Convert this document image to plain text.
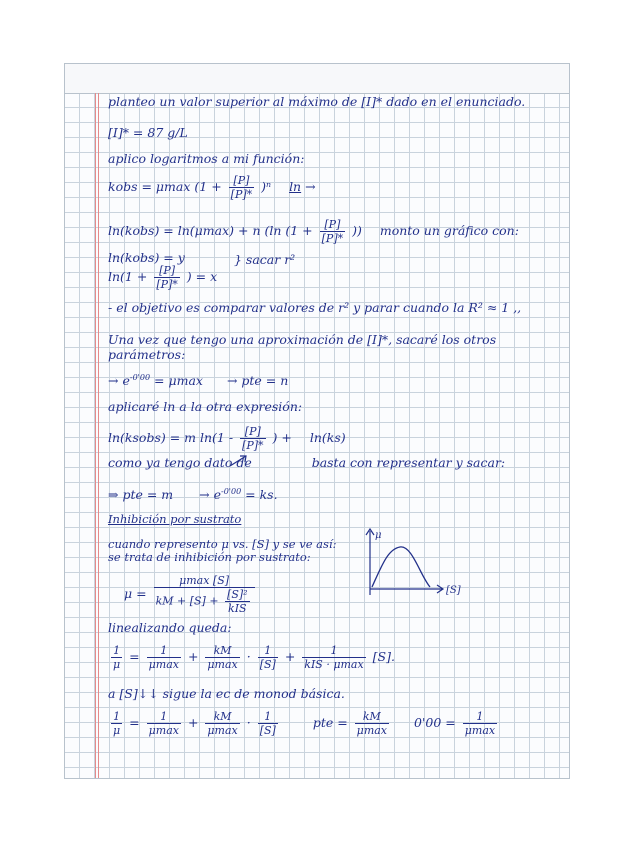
planteo un valor superior al máximo de [I]* dado en el enunciado.
[I]* = 87 g/L
aplico logaritmos a mi función:
kobs = μmax $(1 + \frac{[P]}{[P]*} )^n$ ln →
ln(kobs) = ln(μmax) + n (ln ($1 + \frac{[P]}{[P]*}$ )) monto un gráfico con:
ln(kobs) = y
$\ln(1 + \frac{[P]}{[P]*}$ ) = x
} sacar r²
- el objetivo es comparar valores de r² y parar cuando la R² ≈ 1 ,,
Una vez que tengo una aproximación de [I]*, sacaré los otros
parámetros:
→ $e^{-0'00} = \mu\max$ → pte = n
aplicaré ln a la otra expresión:
ln(ksobs) = m $\ln(1 - \frac{[P]}{[P]*}$ ) + ln(ks)
como ya tengo dato de	basta con representar y sacar:
⇒ pte = $m \to e^{-0'00}$ = ks.
Inhibición por sustrato
cuando represento μ vs. [S] y se ve así:
se trata de inhibición por sustrato:
μ
[S]
$\mu = \frac{\mu\max [S]}{kM + [S] + \frac{\text{[S]²}}{\text{kIS}}}$
linealizando queda:
$\frac{1}{\mu} = \frac{1}{\mu\max} + \frac{kM}{\mu\max} \cdot \frac{1}{[S]} + \frac{1}{\text{kIS · μmax}} [S]$.
a [S]↓↓ sigue la ec de monod básica.
$\frac{1}{\mu} = \frac{1}{\mu\max} + \frac{kM}{\mu\max} \cdot \frac{1}{[S]}$	pte = $\frac{kM}{\mu\max} 0'00 = \frac{1}{\mu\max}$
